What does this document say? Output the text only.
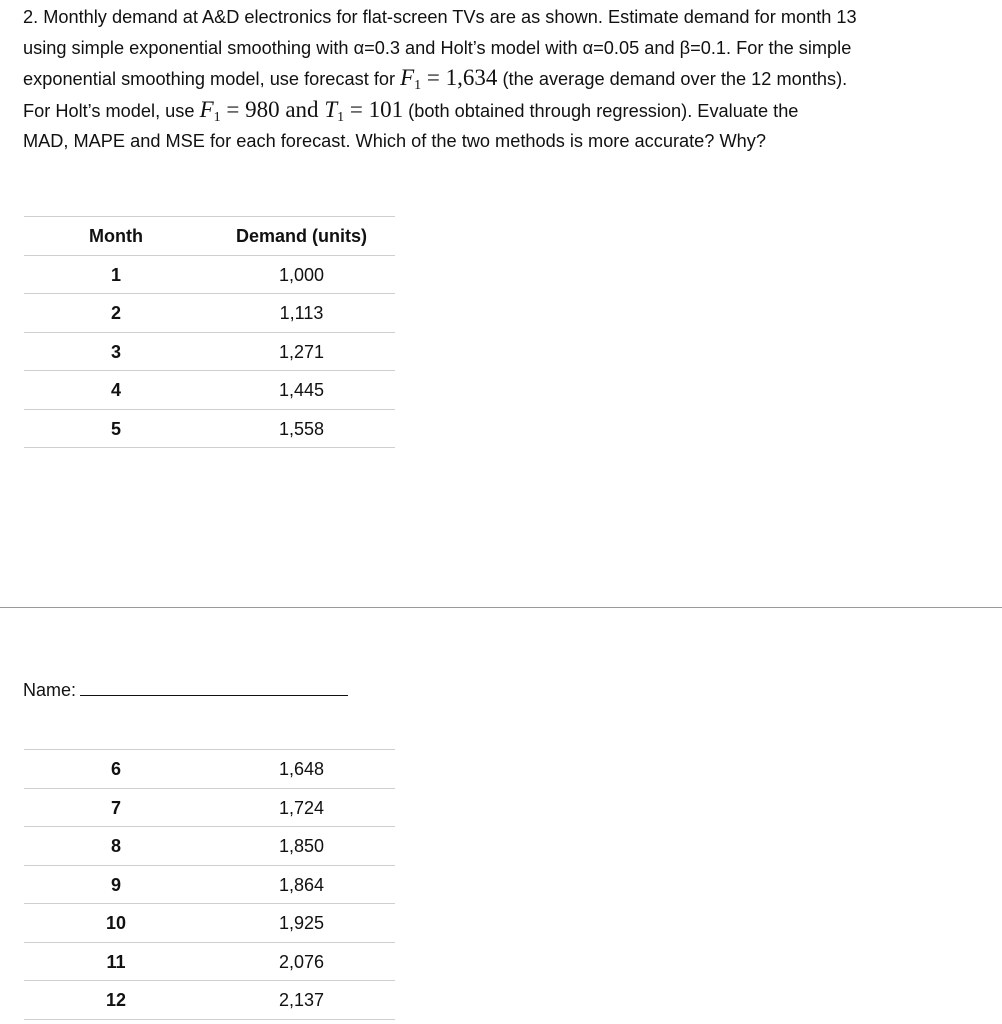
2. Monthly demand at A&D electronics for flat-screen TVs are as shown. Estimate demand for month 13
using simple exponential smoothing with α=0.3 and Holt’s model with α=0.05 and β=0.1. For the simple
exponential smoothing model, use forecast for $F_1 = 1,634$ (the average demand over the 12 months).
For Holt’s model, use $F_1 = 980$ and $T_1 = 101$ (both obtained through regression). Evaluate the
MAD, MAPE and MSE for each forecast. Which of the two methods is more accurate? Why?
Month	Demand (units)
1	1,000
2	1,113
3	1,271
4	1,445
5	1,558
Name:
6	1,648
7	1,724
8	1,850
9	1,864
10	1,925
11	2,076
12	2,137
